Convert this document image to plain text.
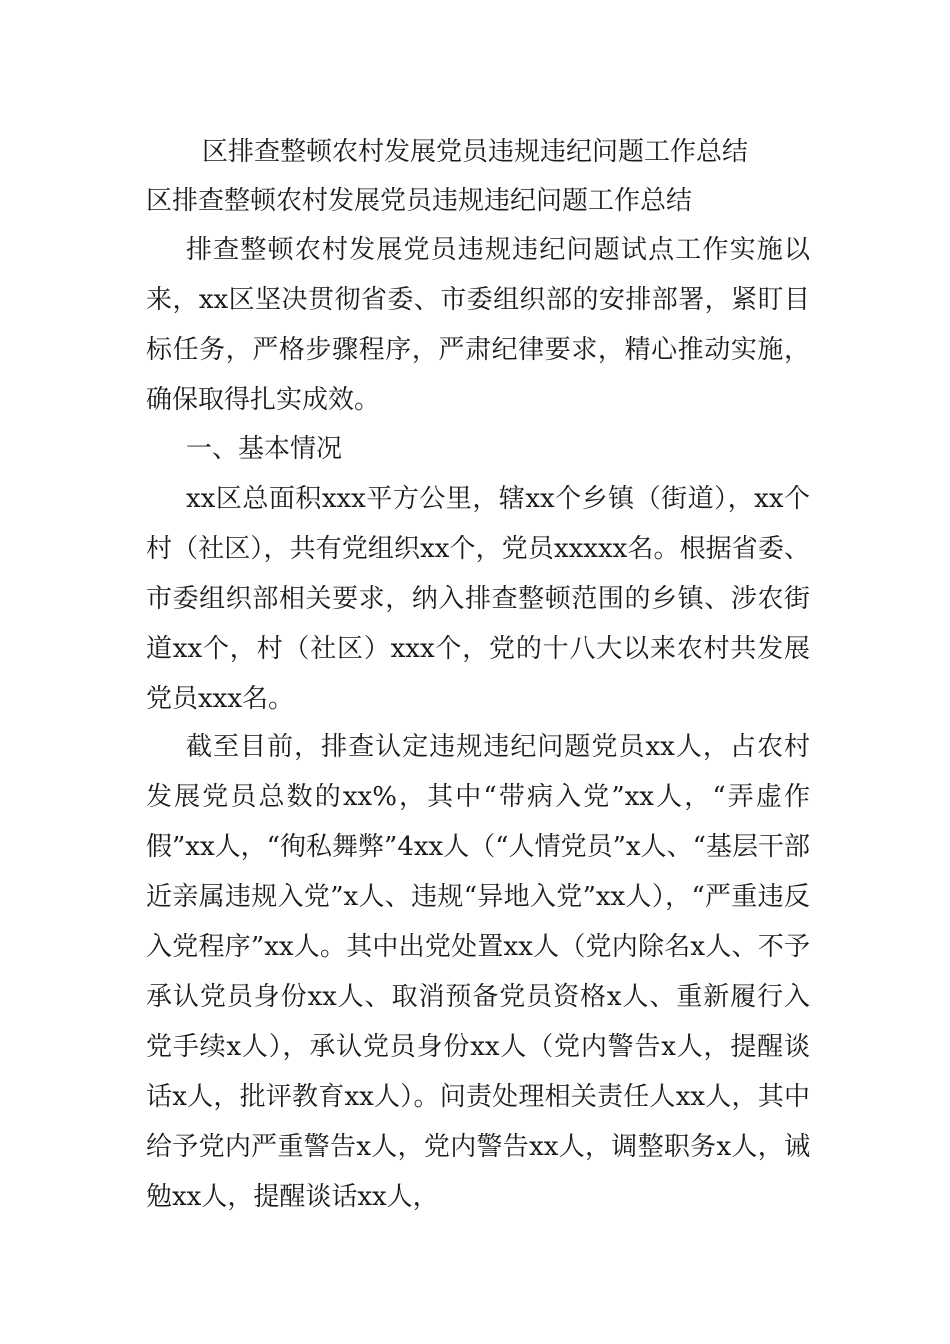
区排查整顿农村发展党员违规违纪问题工作总结
区排查整顿农村发展党员违规违纪问题工作总结

排查整顿农村发展党员违规违纪问题试点工作实施以来，xx区坚决贯彻省委、市委组织部的安排部署，紧盯目标任务，严格步骤程序，严肃纪律要求，精心推动实施，确保取得扎实成效。

一、基本情况

xx区总面积xxx平方公里，辖xx个乡镇（街道），xx个村（社区），共有党组织xx个，党员xxxxx名。根据省委、市委组织部相关要求，纳入排查整顿范围的乡镇、涉农街道xx个，村（社区）xxx个，党的十八大以来农村共发展党员xxx名。

截至目前，排查认定违规违纪问题党员xx人，占农村发展党员总数的xx%，其中“带病入党”xx人，“弄虚作假”xx人，“徇私舞弊”4xx人（“人情党员”x人、“基层干部近亲属违规入党”x人、违规“异地入党”xx人），“严重违反入党程序”xx人。其中出党处置xx人（党内除名x人、不予承认党员身份xx人、取消预备党员资格x人、重新履行入党手续x人），承认党员身份xx人（党内警告x人，提醒谈话x人，批评教育xx人）。问责处理相关责任人xx人，其中给予党内严重警告x人，党内警告xx人，调整职务x人，诫勉xx人，提醒谈话xx人，
